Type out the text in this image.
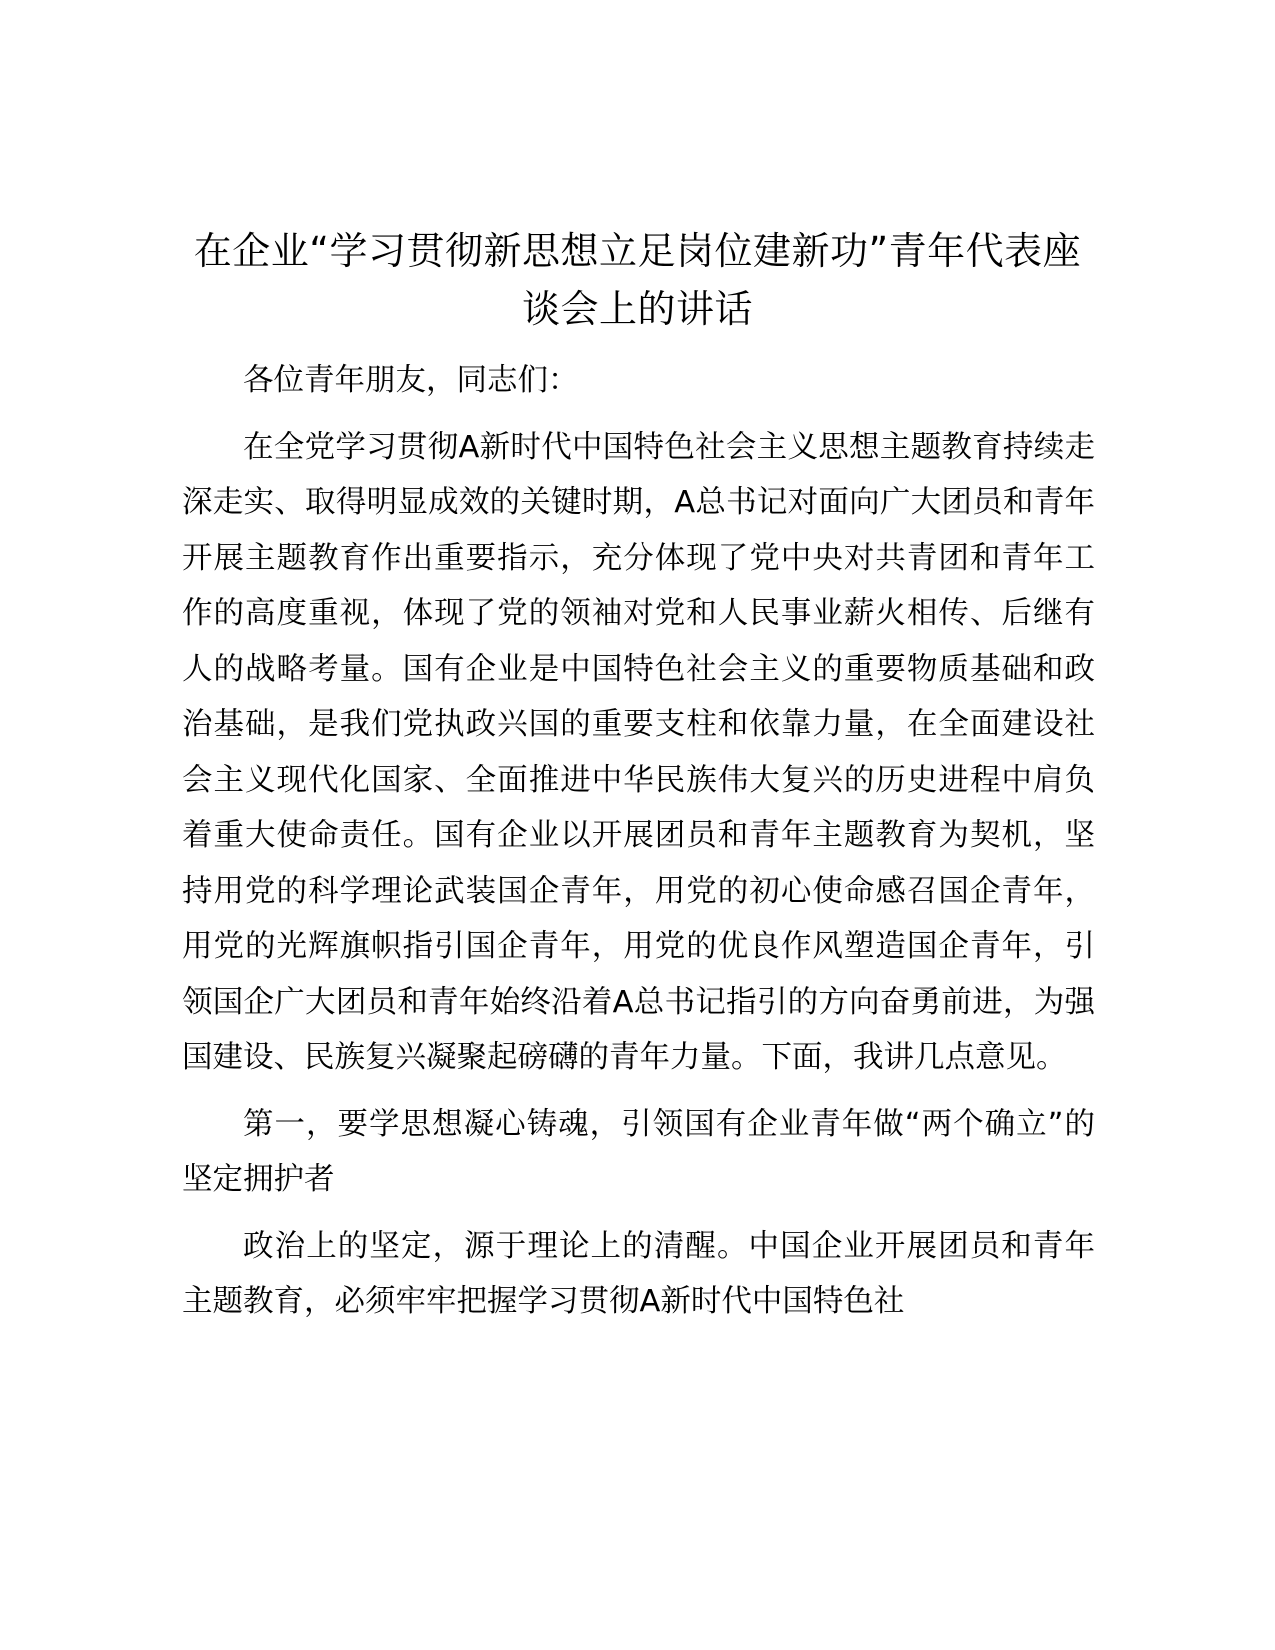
在企业“学习贯彻新思想立足岗位建新功”青年代表座谈会上的讲话

各位青年朋友，同志们：

在全党学习贯彻A新时代中国特色社会主义思想主题教育持续走深走实、取得明显成效的关键时期，A总书记对面向广大团员和青年开展主题教育作出重要指示，充分体现了党中央对共青团和青年工作的高度重视，体现了党的领袖对党和人民事业薪火相传、后继有人的战略考量。国有企业是中国特色社会主义的重要物质基础和政治基础，是我们党执政兴国的重要支柱和依靠力量，在全面建设社会主义现代化国家、全面推进中华民族伟大复兴的历史进程中肩负着重大使命责任。国有企业以开展团员和青年主题教育为契机，坚持用党的科学理论武装国企青年，用党的初心使命感召国企青年，用党的光辉旗帜指引国企青年，用党的优良作风塑造国企青年，引领国企广大团员和青年始终沿着A总书记指引的方向奋勇前进，为强国建设、民族复兴凝聚起磅礴的青年力量。下面，我讲几点意见。

第一，要学思想凝心铸魂，引领国有企业青年做“两个确立”的坚定拥护者

政治上的坚定，源于理论上的清醒。中国企业开展团员和青年主题教育，必须牢牢把握学习贯彻A新时代中国特色社
